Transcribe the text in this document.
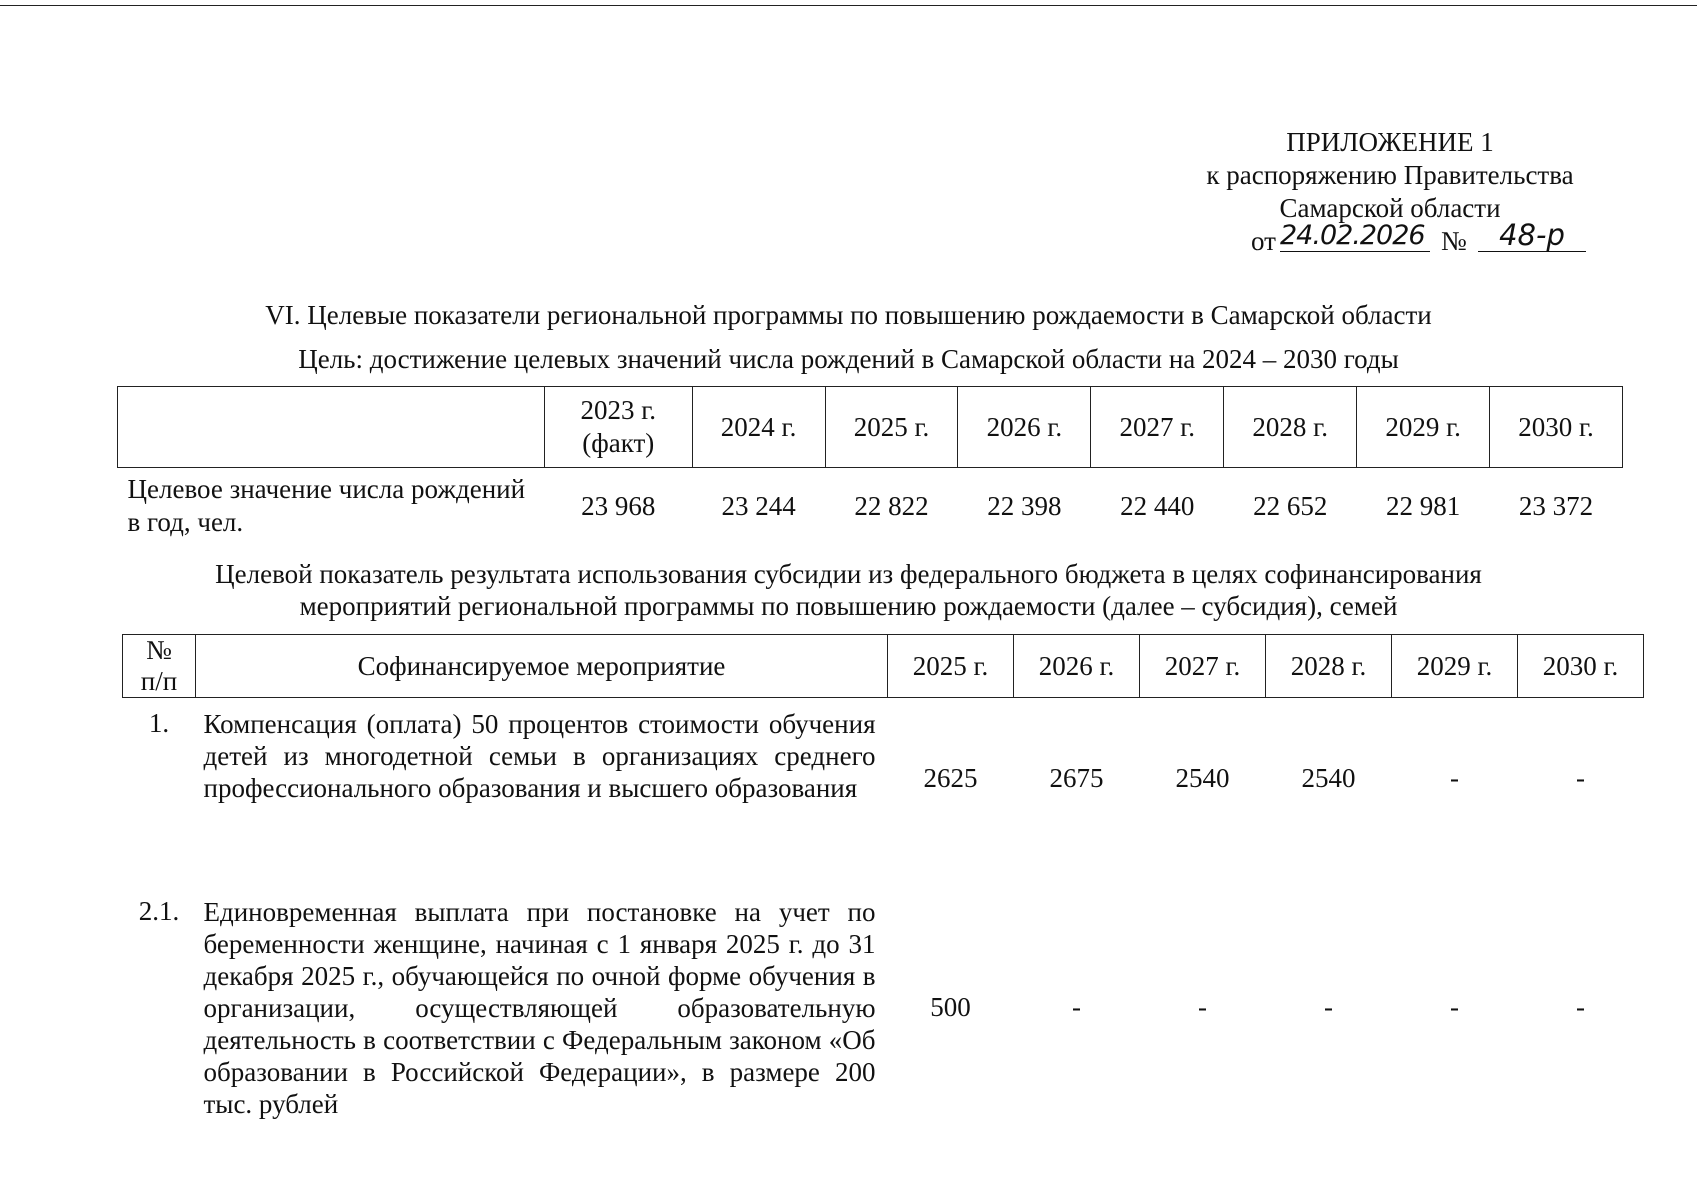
ПРИЛОЖЕНИЕ 1
к распоряжению Правительства
Самарской области
от 24.02.2026 №	48-р
VI. Целевые показатели региональной программы по повышению рождаемости в Самарской области
Цель: достижение целевых значений числа рождений в Самарской области на 2024 – 2030 годы
	2023 г. (факт)	2024 г.	2025 г.	2026 г.	2027 г.	2028 г.	2029 г.	2030 г.
Целевое значение числа рождений в год, чел.	23 968	23 244	22 822	22 398	22 440	22 652	22 981	23 372
Целевой показатель результата использования субсидии из федерального бюджета в целях софинансирования мероприятий региональной программы по повышению рождаемости (далее – субсидия), семей
№ п/п	Софинансируемое мероприятие	2025 г.	2026 г.	2027 г.	2028 г.	2029 г.	2030 г.
1.	Компенсация (оплата) 50 процентов стоимости обучения детей из многодетной семьи в организациях среднего профессионального образования и высшего образования	2625	2675	2540	2540	-	-
2.1.	Единовременная выплата при постановке на учет по беременности женщине, начиная с 1 января 2025 г. до 31 декабря 2025 г., обучающейся по очной форме обучения в организации, осуществляющей образовательную деятельность в соответствии с Федеральным законом «Об образовании в Российской Федерации», в размере 200 тыс. рублей	500	-	-	-	-	-
